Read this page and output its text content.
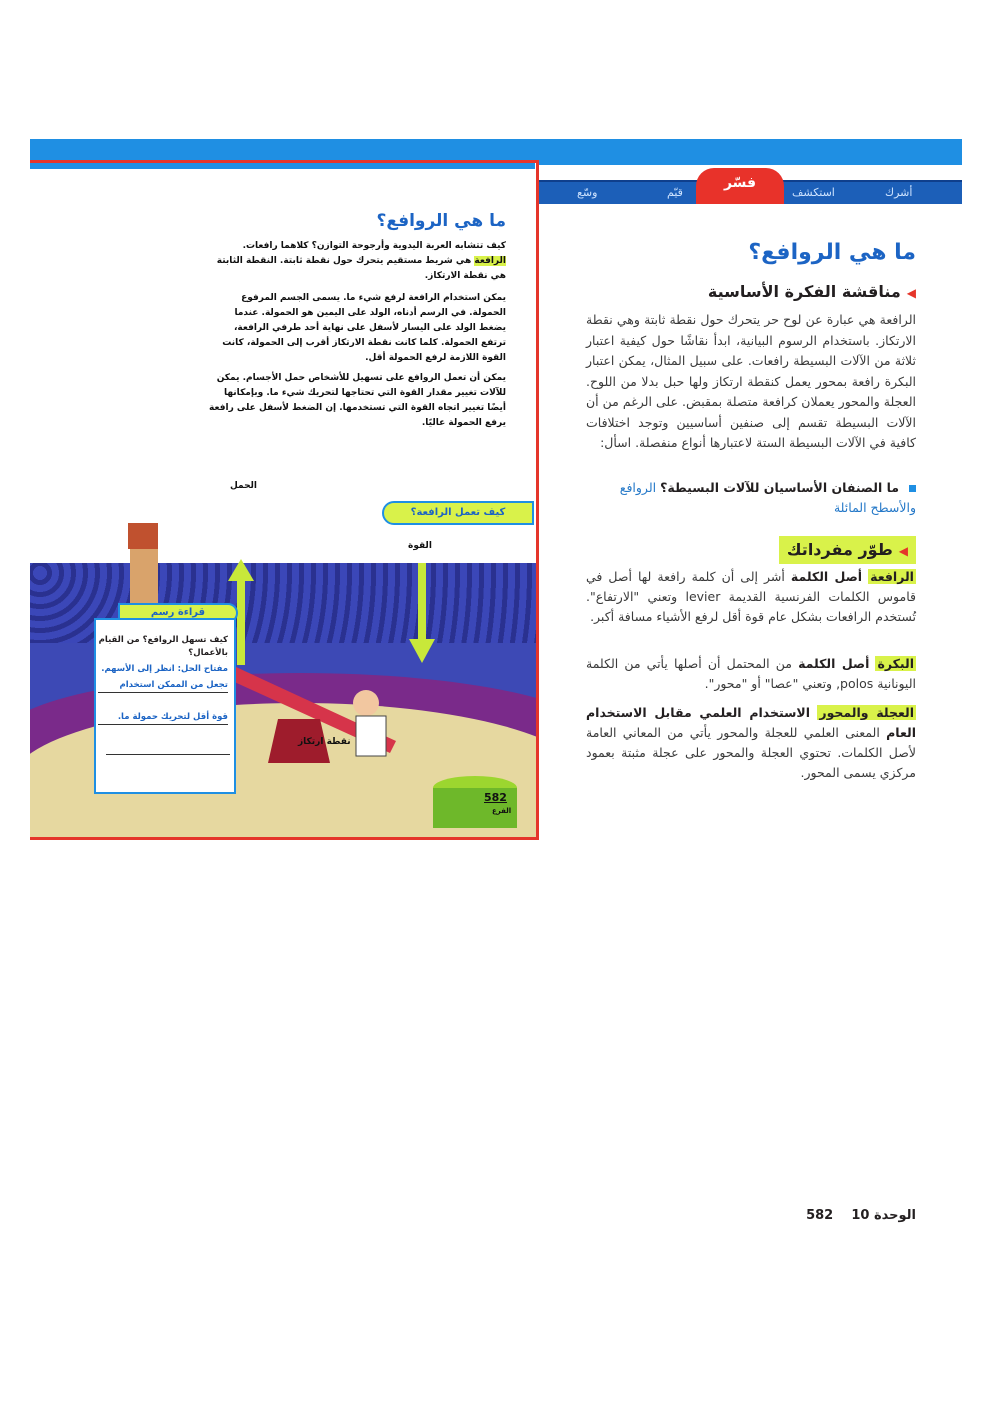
أشرك
استكشف
قيّم
وسّع
فسّر
ما هي الروافع؟
كيف تتشابه العربة اليدوية وأرجوحة التوازن؟ كلاهما رافعات.
الرافعة هي شريط مستقيم يتحرك حول نقطة ثابتة. النقطة الثابتة هي نقطة الارتكاز.
يمكن استخدام الرافعة لرفع شيء ما. يسمى الجسم المرفوع الحمولة. في الرسم أدناه، الولد على اليمين هو الحمولة. عندما يضغط الولد على اليسار لأسفل على نهاية أحد طرفي الرافعة، ترتفع الحمولة. كلما كانت نقطة الارتكاز أقرب إلى الحمولة، كانت القوة اللازمة لرفع الحمولة أقل.
يمكن أن تعمل الروافع على تسهيل للأشخاص حمل الأجسام. يمكن للآلات تغيير مقدار القوة التي تحتاجها لتحريك شيء ما. وبإمكانها أيضًا تغيير اتجاه القوة التي تستخدمها. إن الضغط لأسفل على رافعة يرفع الحمولة عاليًا.
الحمل
كيف تعمل الرافعة؟
القوة
نقطة ارتكاز
قراءة رسم
كيف تسهل الروافع؟ من القيام بالأعمال؟
مفتاح الحل: انظر إلى الأسهم.
تجعل من الممكن استخدام
قوة أقل لتحريك حمولة ما.
582
الفرع
ما هي الروافع؟
◀مناقشة الفكرة الأساسية
الرافعة هي عبارة عن لوح حر يتحرك حول نقطة ثابتة وهي نقطة الارتكاز. باستخدام الرسوم البيانية، ابدأ نقاشًا حول كيفية اعتبار ثلاثة من الآلات البسيطة رافعات. على سبيل المثال، يمكن اعتبار البكرة رافعة بمحور يعمل كنقطة ارتكاز ولها حبل بدلا من اللوح. العجلة والمحور يعملان كرافعة متصلة بمقبض. على الرغم من أن الآلات البسيطة تقسم إلى صنفين أساسيين وتوجد اختلافات كافية في الآلات البسيطة الستة لاعتبارها أنواع منفصلة. اسأل:
ما الصنفان الأساسيان للآلات البسيطة؟ الروافع والأسطح المائلة
◀طوّر مفرداتك
الرافعة أصل الكلمة أشر إلى أن كلمة رافعة لها أصل في قاموس الكلمات الفرنسية القديمة levier وتعني "الارتفاع". تُستخدم الرافعات بشكل عام قوة أقل لرفع الأشياء مسافة أكبر.
البكرة أصل الكلمة من المحتمل أن أصلها يأتي من الكلمة اليونانية polos, وتعني "عصا" أو "محور".
العجلة والمحور الاستخدام العلمي مقابل الاستخدام العام المعنى العلمي للعجلة والمحور يأتي من المعاني العامة لأصل الكلمات. تحتوي العجلة والمحور على عجلة مثبتة بعمود مركزي يسمى المحور.
الوحدة 10    582
